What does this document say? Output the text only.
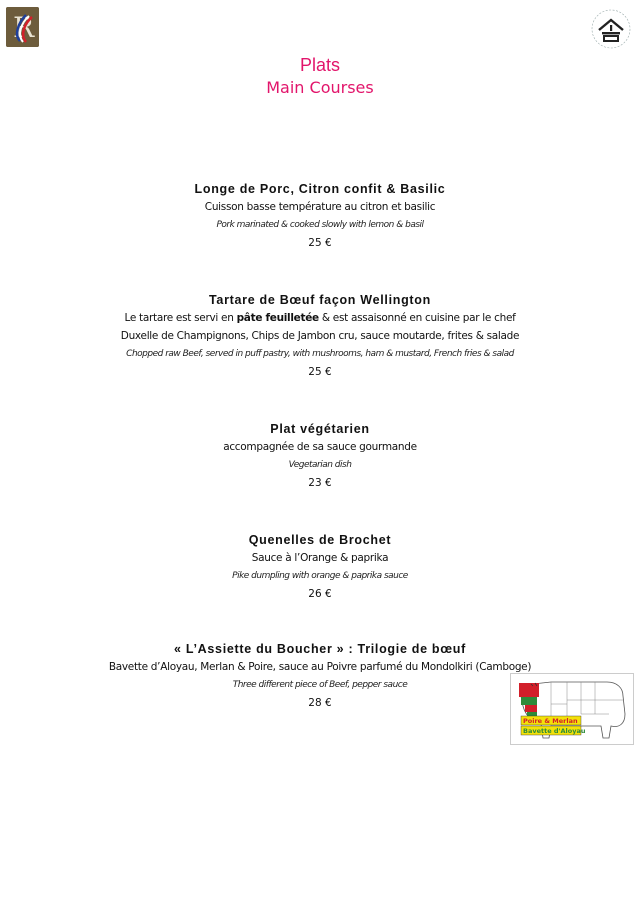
R
Plats
Main Courses
Longe de Porc, Citron confit & Basilic
Cuisson basse température au citron et basilic
Pork marinated & cooked slowly with lemon & basil
25 €
Tartare de Bœuf façon Wellington
Le tartare est servi en pâte feuilletée & est assaisonné en cuisine par le chef
Duxelle de Champignons, Chips de Jambon cru, sauce moutarde, frites & salade
Chopped raw Beef, served in puff pastry, with mushrooms, ham & mustard, French fries & salad
25 €
Plat végétarien
accompagnée de sa sauce gourmande
Vegetarian dish
23 €
Quenelles de Brochet
Sauce à l’Orange & paprika
Pike dumpling with orange & paprika sauce
26 €
« L’Assiette du Boucher » : Trilogie de bœuf
Bavette d’Aloyau, Merlan & Poire, sauce au Poivre parfumé du Mondolkiri (Camboge)
Three different piece of Beef, pepper sauce
28 €
Poire & Merlan
Bavette d'Aloyau
